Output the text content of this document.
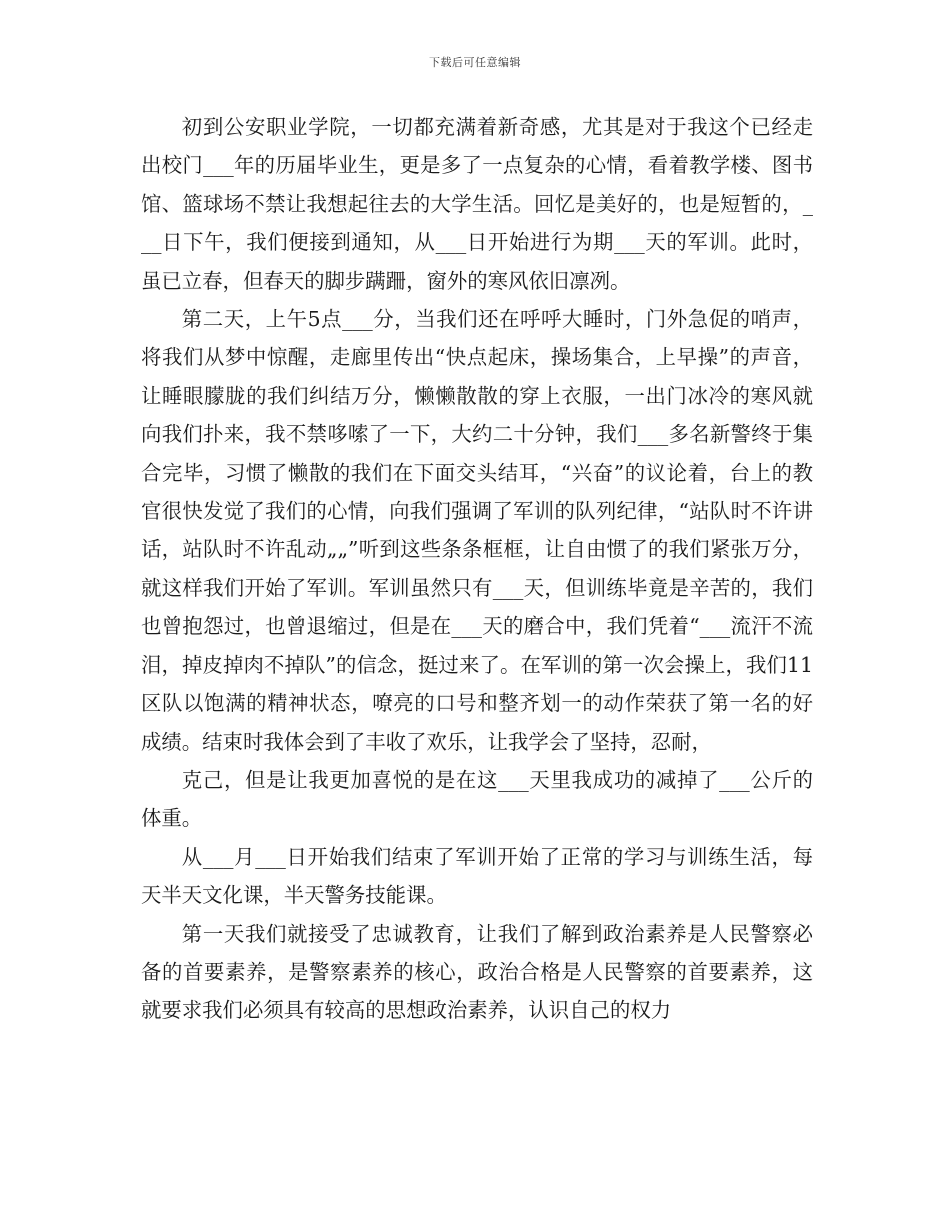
下载后可任意编辑

初到公安职业学院，一切都充满着新奇感，尤其是对于我这个已经走出校门___年的历届毕业生，更是多了一点复杂的心情，看着教学楼、图书馆、篮球场不禁让我想起往去的大学生活。回忆是美好的，也是短暂的，___日下午，我们便接到通知，从___日开始进行为期___天的军训。此时，虽已立春，但春天的脚步蹒跚，窗外的寒风依旧凛冽。

第二天，上午5点___分，当我们还在呼呼大睡时，门外急促的哨声，将我们从梦中惊醒，走廊里传出“快点起床，操场集合，上早操”的声音，让睡眼朦胧的我们纠结万分，懒懒散散的穿上衣服，一出门冰冷的寒风就向我们扑来，我不禁哆嗦了一下，大约二十分钟，我们___多名新警终于集合完毕，习惯了懒散的我们在下面交头结耳，“兴奋”的议论着，台上的教官很快发觉了我们的心情，向我们强调了军训的队列纪律，“站队时不许讲话，站队时不许乱动„„”听到这些条条框框，让自由惯了的我们紧张万分，就这样我们开始了军训。军训虽然只有___天，但训练毕竟是辛苦的，我们也曾抱怨过，也曾退缩过，但是在___天的磨合中，我们凭着“___流汗不流泪，掉皮掉肉不掉队”的信念，挺过来了。在军训的第一次会操上，我们11区队以饱满的精神状态，嘹亮的口号和整齐划一的动作荣获了第一名的好成绩。结束时我体会到了丰收了欢乐，让我学会了坚持，忍耐，

克己，但是让我更加喜悦的是在这___天里我成功的减掉了___公斤的体重。

从___月___日开始我们结束了军训开始了正常的学习与训练生活，每天半天文化课，半天警务技能课。

第一天我们就接受了忠诚教育，让我们了解到政治素养是人民警察必备的首要素养，是警察素养的核心，政治合格是人民警察的首要素养，这就要求我们必须具有较高的思想政治素养，认识自己的权力
